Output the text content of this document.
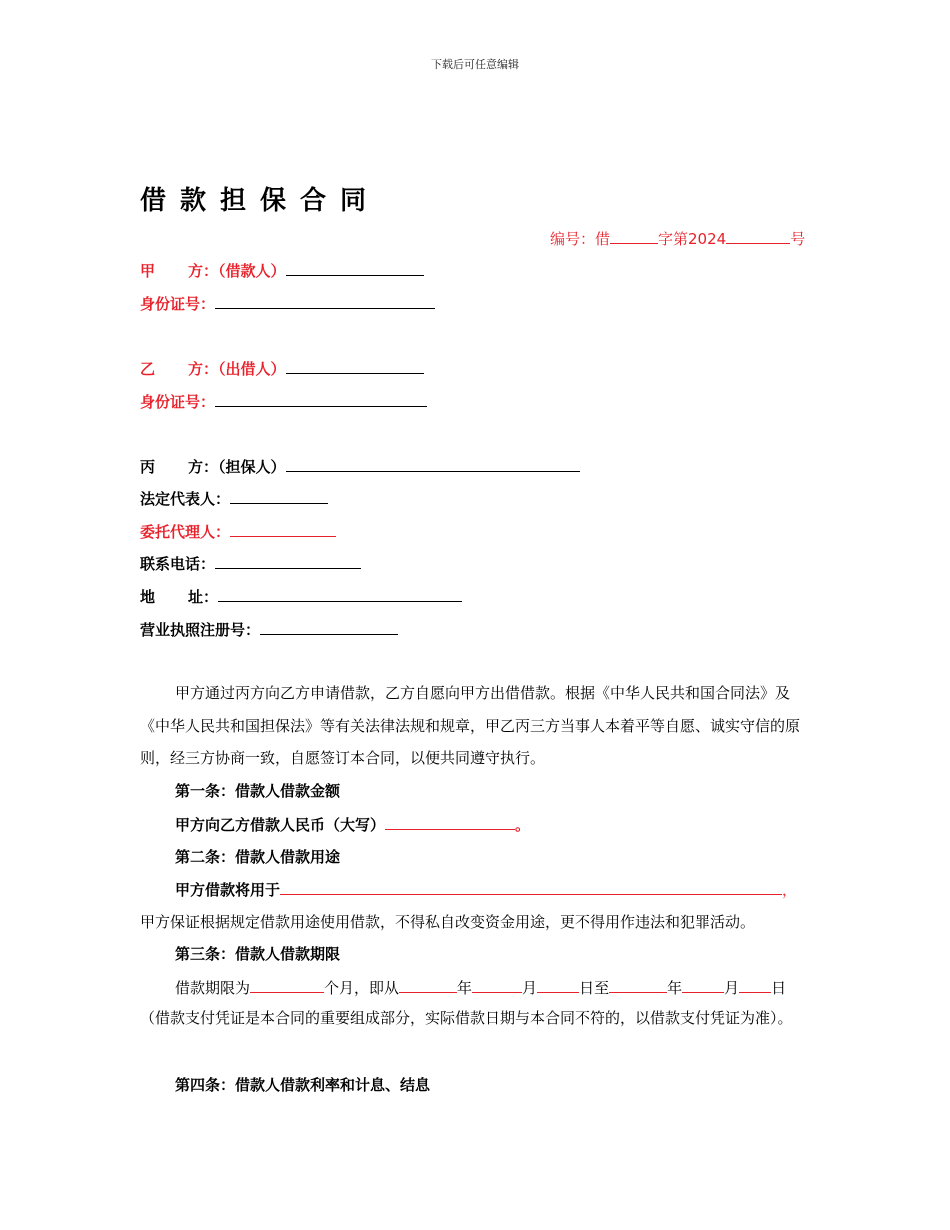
下载后可任意编辑
借款担保合同
编号：借	字第2024	号
甲 方：（借款人）
身份证号：
乙 方：（出借人）
身份证号：
丙 方：（担保人）
法定代表人：
委托代理人：
联系电话：
地 址：
营业执照注册号：
甲方通过丙方向乙方申请借款，乙方自愿向甲方出借借款。根据《中华人民共和国合同法》及《中华人民共和国担保法》等有关法律法规和规章，甲乙丙三方当事人本着平等自愿、诚实守信的原则，经三方协商一致，自愿签订本合同，以便共同遵守执行。
第一条：借款人借款金额
甲方向乙方借款人民币（大写）	。
第二条：借款人借款用途
甲方借款将用于	，
甲方保证根据规定借款用途使用借款，不得私自改变资金用途，更不得用作违法和犯罪活动。
第三条：借款人借款期限
借款期限为	个月，即从	年	月	日至	年	月 日
（借款支付凭证是本合同的重要组成部分，实际借款日期与本合同不符的，以借款支付凭证为准）。
第四条：借款人借款利率和计息、结息
